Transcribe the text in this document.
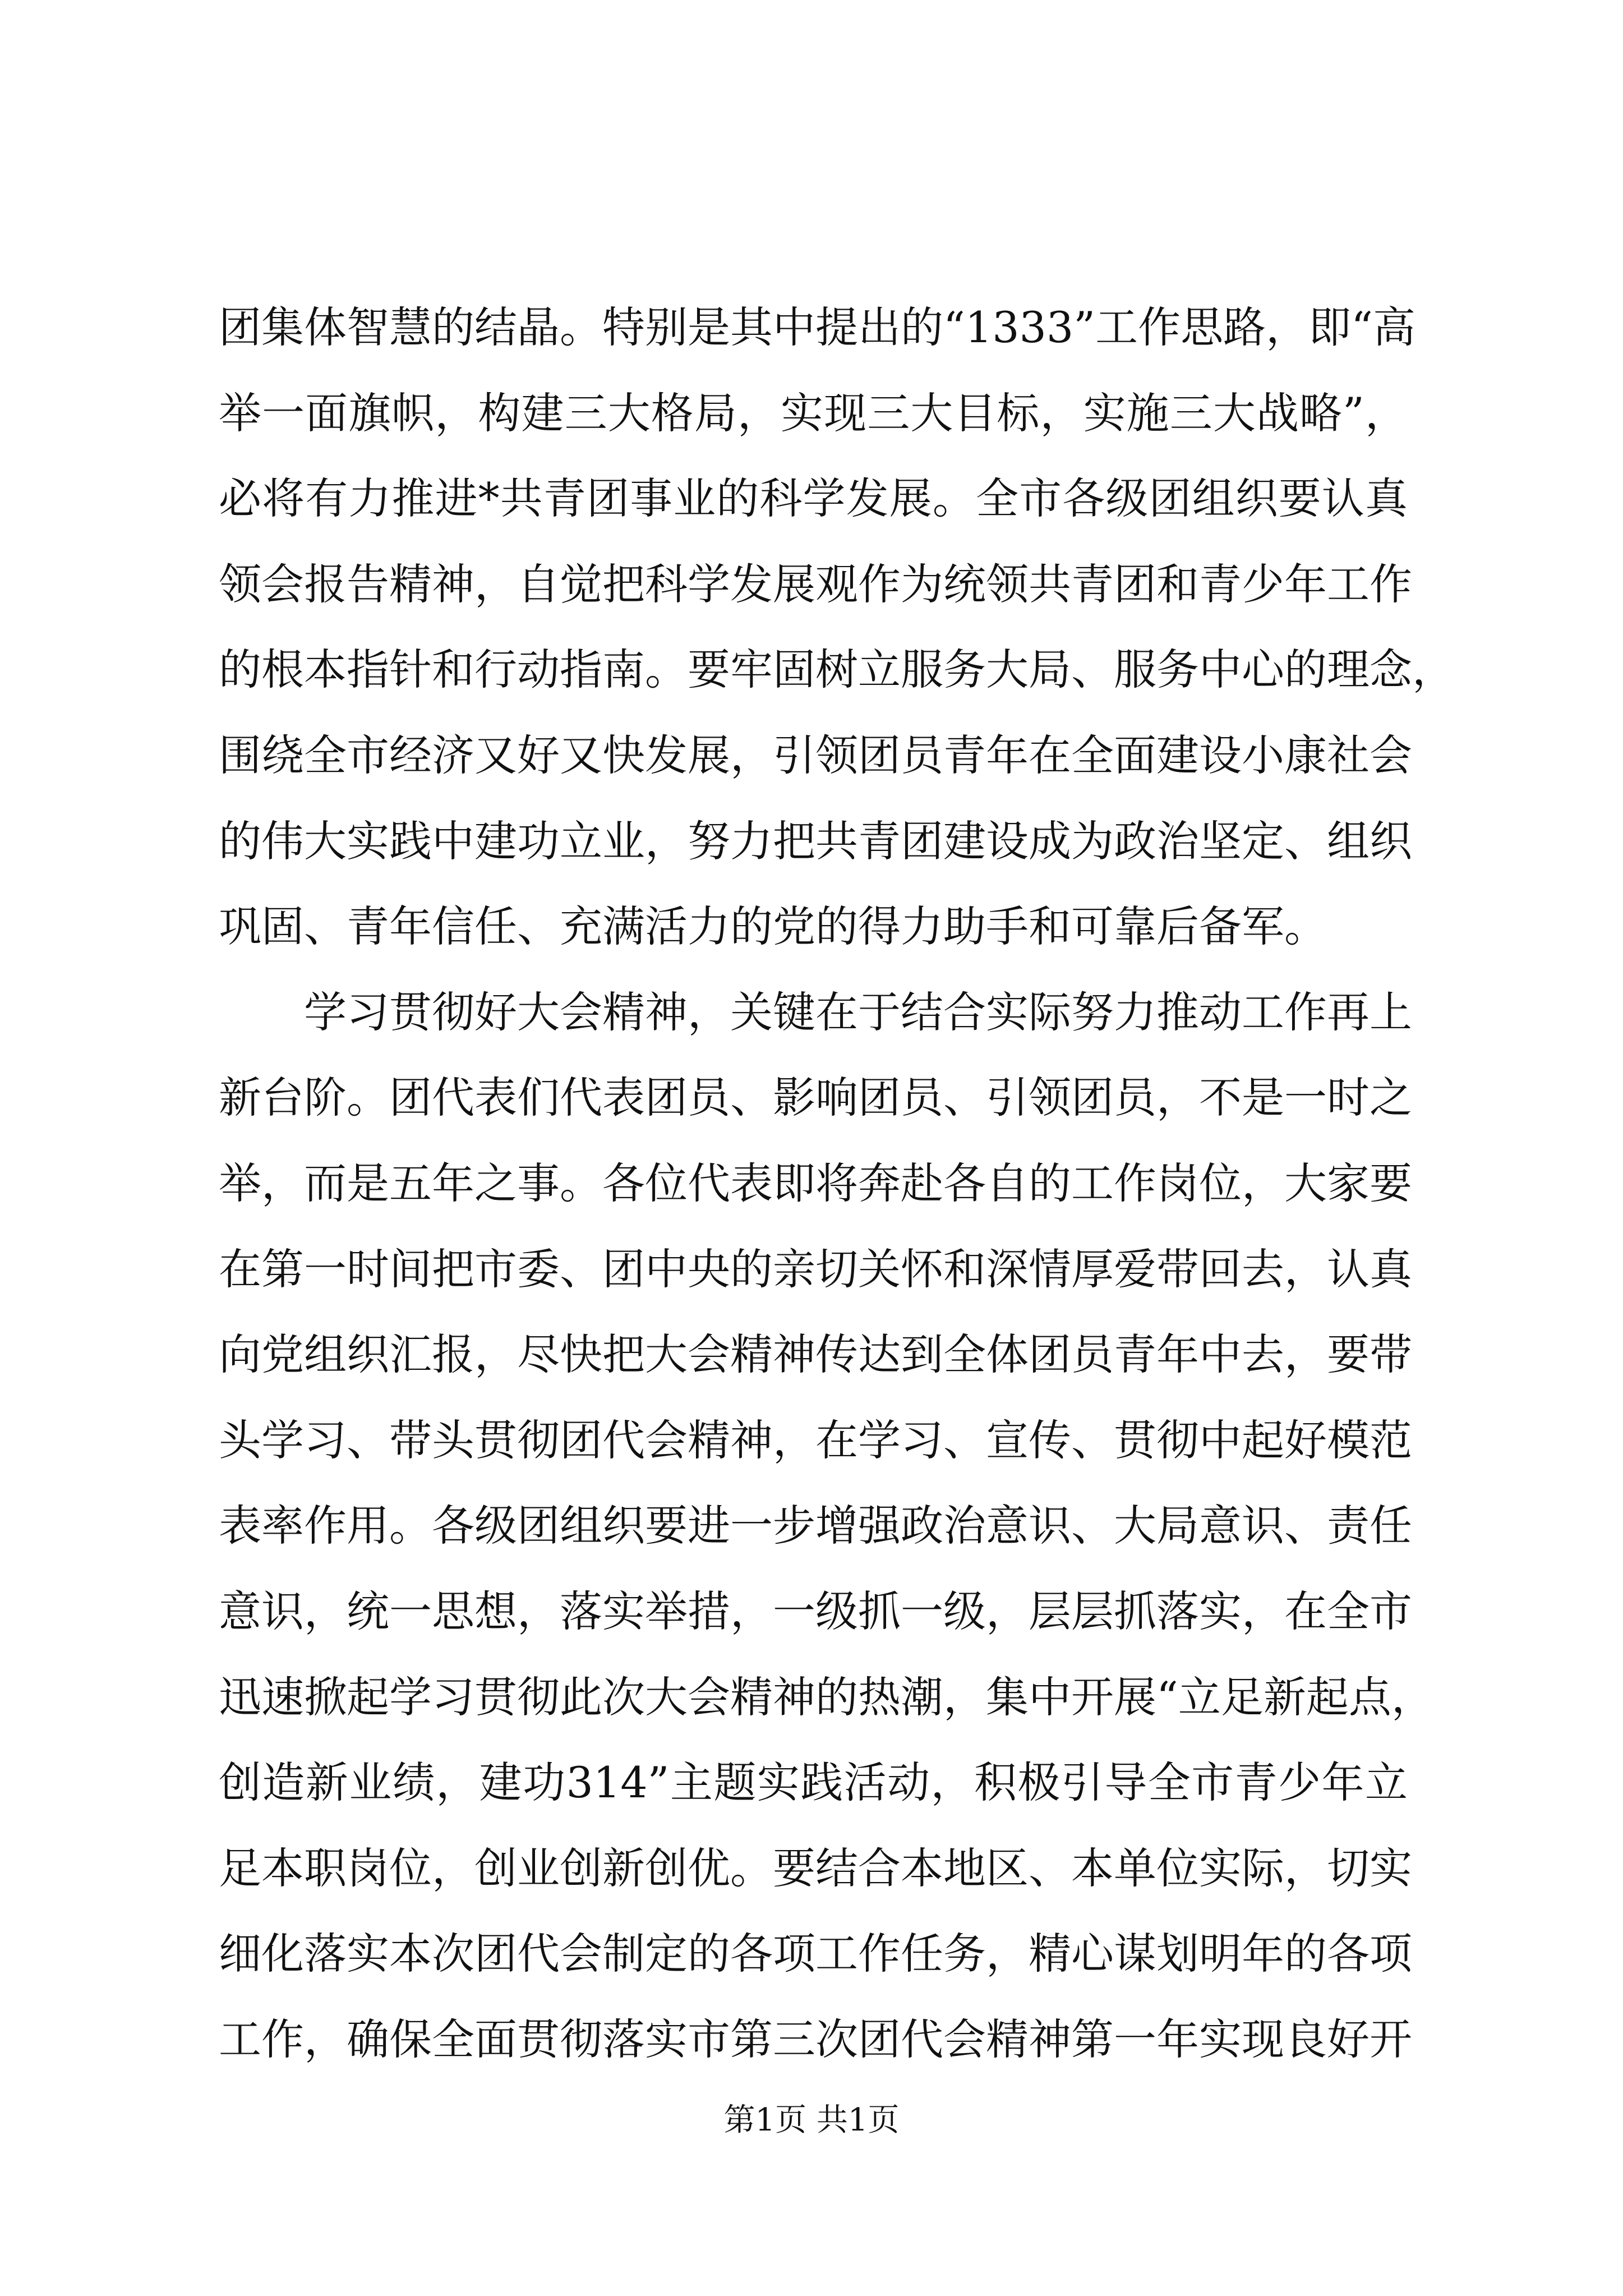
团集体智慧的结晶。特别是其中提出的“1333”工作思路，即“高
举一面旗帜，构建三大格局，实现三大目标，实施三大战略”，
必将有力推进*共青团事业的科学发展。全市各级团组织要认真
领会报告精神，自觉把科学发展观作为统领共青团和青少年工作
的根本指针和行动指南。要牢固树立服务大局、服务中心的理念，
围绕全市经济又好又快发展，引领团员青年在全面建设小康社会
的伟大实践中建功立业，努力把共青团建设成为政治坚定、组织
巩固、青年信任、充满活力的党的得力助手和可靠后备军。
学习贯彻好大会精神，关键在于结合实际努力推动工作再上
新台阶。团代表们代表团员、影响团员、引领团员，不是一时之
举，而是五年之事。各位代表即将奔赴各自的工作岗位，大家要
在第一时间把市委、团中央的亲切关怀和深情厚爱带回去，认真
向党组织汇报，尽快把大会精神传达到全体团员青年中去，要带
头学习、带头贯彻团代会精神，在学习、宣传、贯彻中起好模范
表率作用。各级团组织要进一步增强政治意识、大局意识、责任
意识，统一思想，落实举措，一级抓一级，层层抓落实，在全市
迅速掀起学习贯彻此次大会精神的热潮，集中开展“立足新起点，
创造新业绩，建功314”主题实践活动，积极引导全市青少年立
足本职岗位，创业创新创优。要结合本地区、本单位实际，切实
细化落实本次团代会制定的各项工作任务，精心谋划明年的各项
工作，确保全面贯彻落实市第三次团代会精神第一年实现良好开
第1页 共1页
